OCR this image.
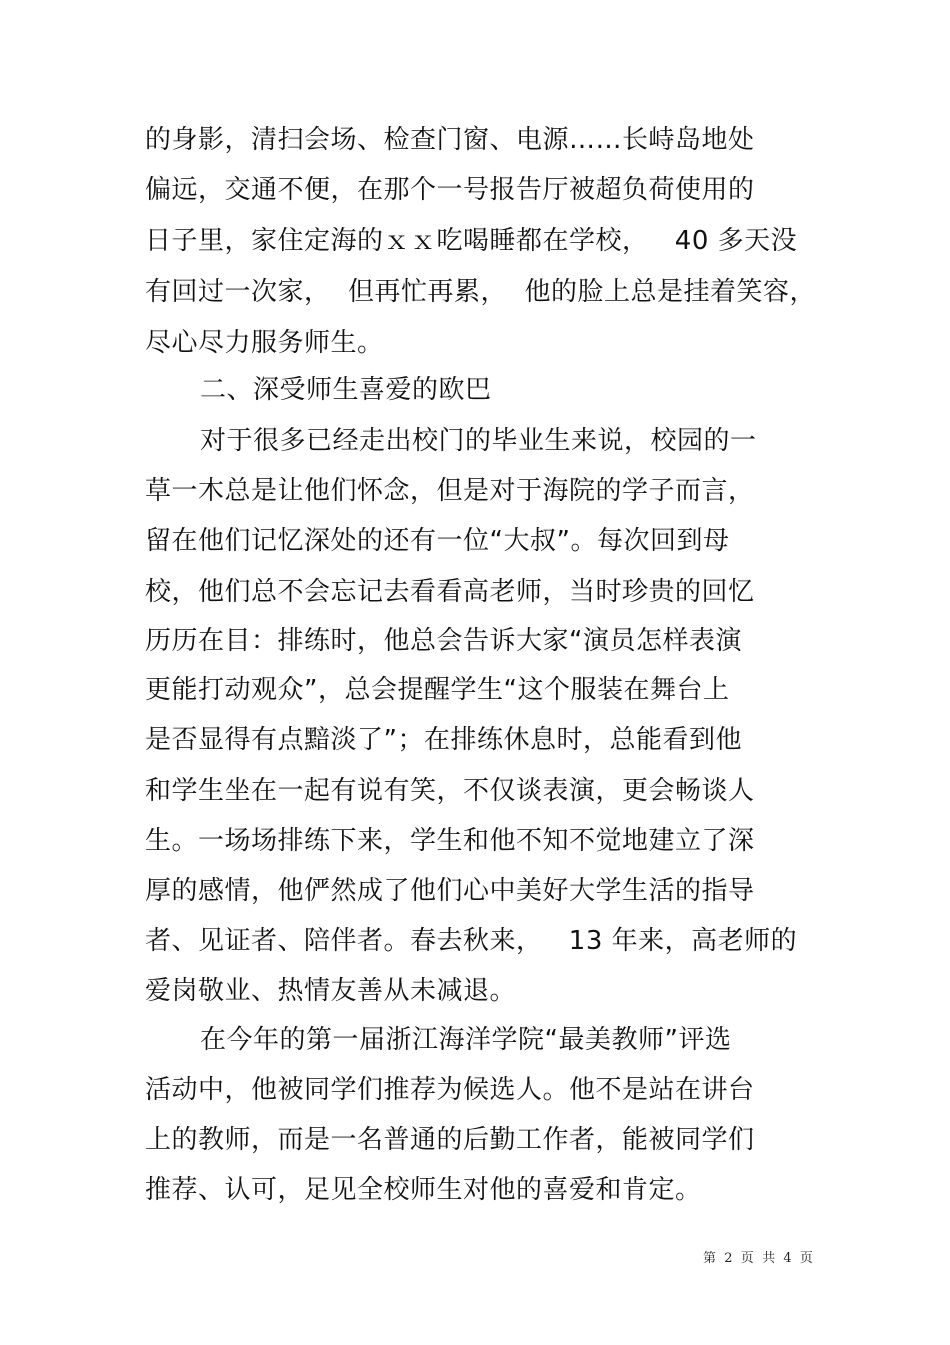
的身影，清扫会场、检查门窗、电源……长峙岛地处
偏远，交通不便，在那个一号报告厅被超负荷使用的
日子里，家住定海的ｘｘ吃喝睡都在学校，   40 多天没
有回过一次家，  但再忙再累，  他的脸上总是挂着笑容，
尽心尽力服务师生。
二、深受师生喜爱的欧巴
对于很多已经走出校门的毕业生来说，校园的一
草一木总是让他们怀念，但是对于海院的学子而言，
留在他们记忆深处的还有一位“大叔”。每次回到母
校，他们总不会忘记去看看高老师，当时珍贵的回忆
历历在目：排练时，他总会告诉大家“演员怎样表演
更能打动观众”，总会提醒学生“这个服装在舞台上
是否显得有点黯淡了”；在排练休息时，总能看到他
和学生坐在一起有说有笑，不仅谈表演，更会畅谈人
生。一场场排练下来，学生和他不知不觉地建立了深
厚的感情，他俨然成了他们心中美好大学生活的指导
者、见证者、陪伴者。春去秋来，   13 年来，高老师的
爱岗敬业、热情友善从未减退。
在今年的第一届浙江海洋学院“最美教师”评选
活动中，他被同学们推荐为候选人。他不是站在讲台
上的教师，而是一名普通的后勤工作者，能被同学们
推荐、认可，足见全校师生对他的喜爱和肯定。
第  2  页  共  4  页
